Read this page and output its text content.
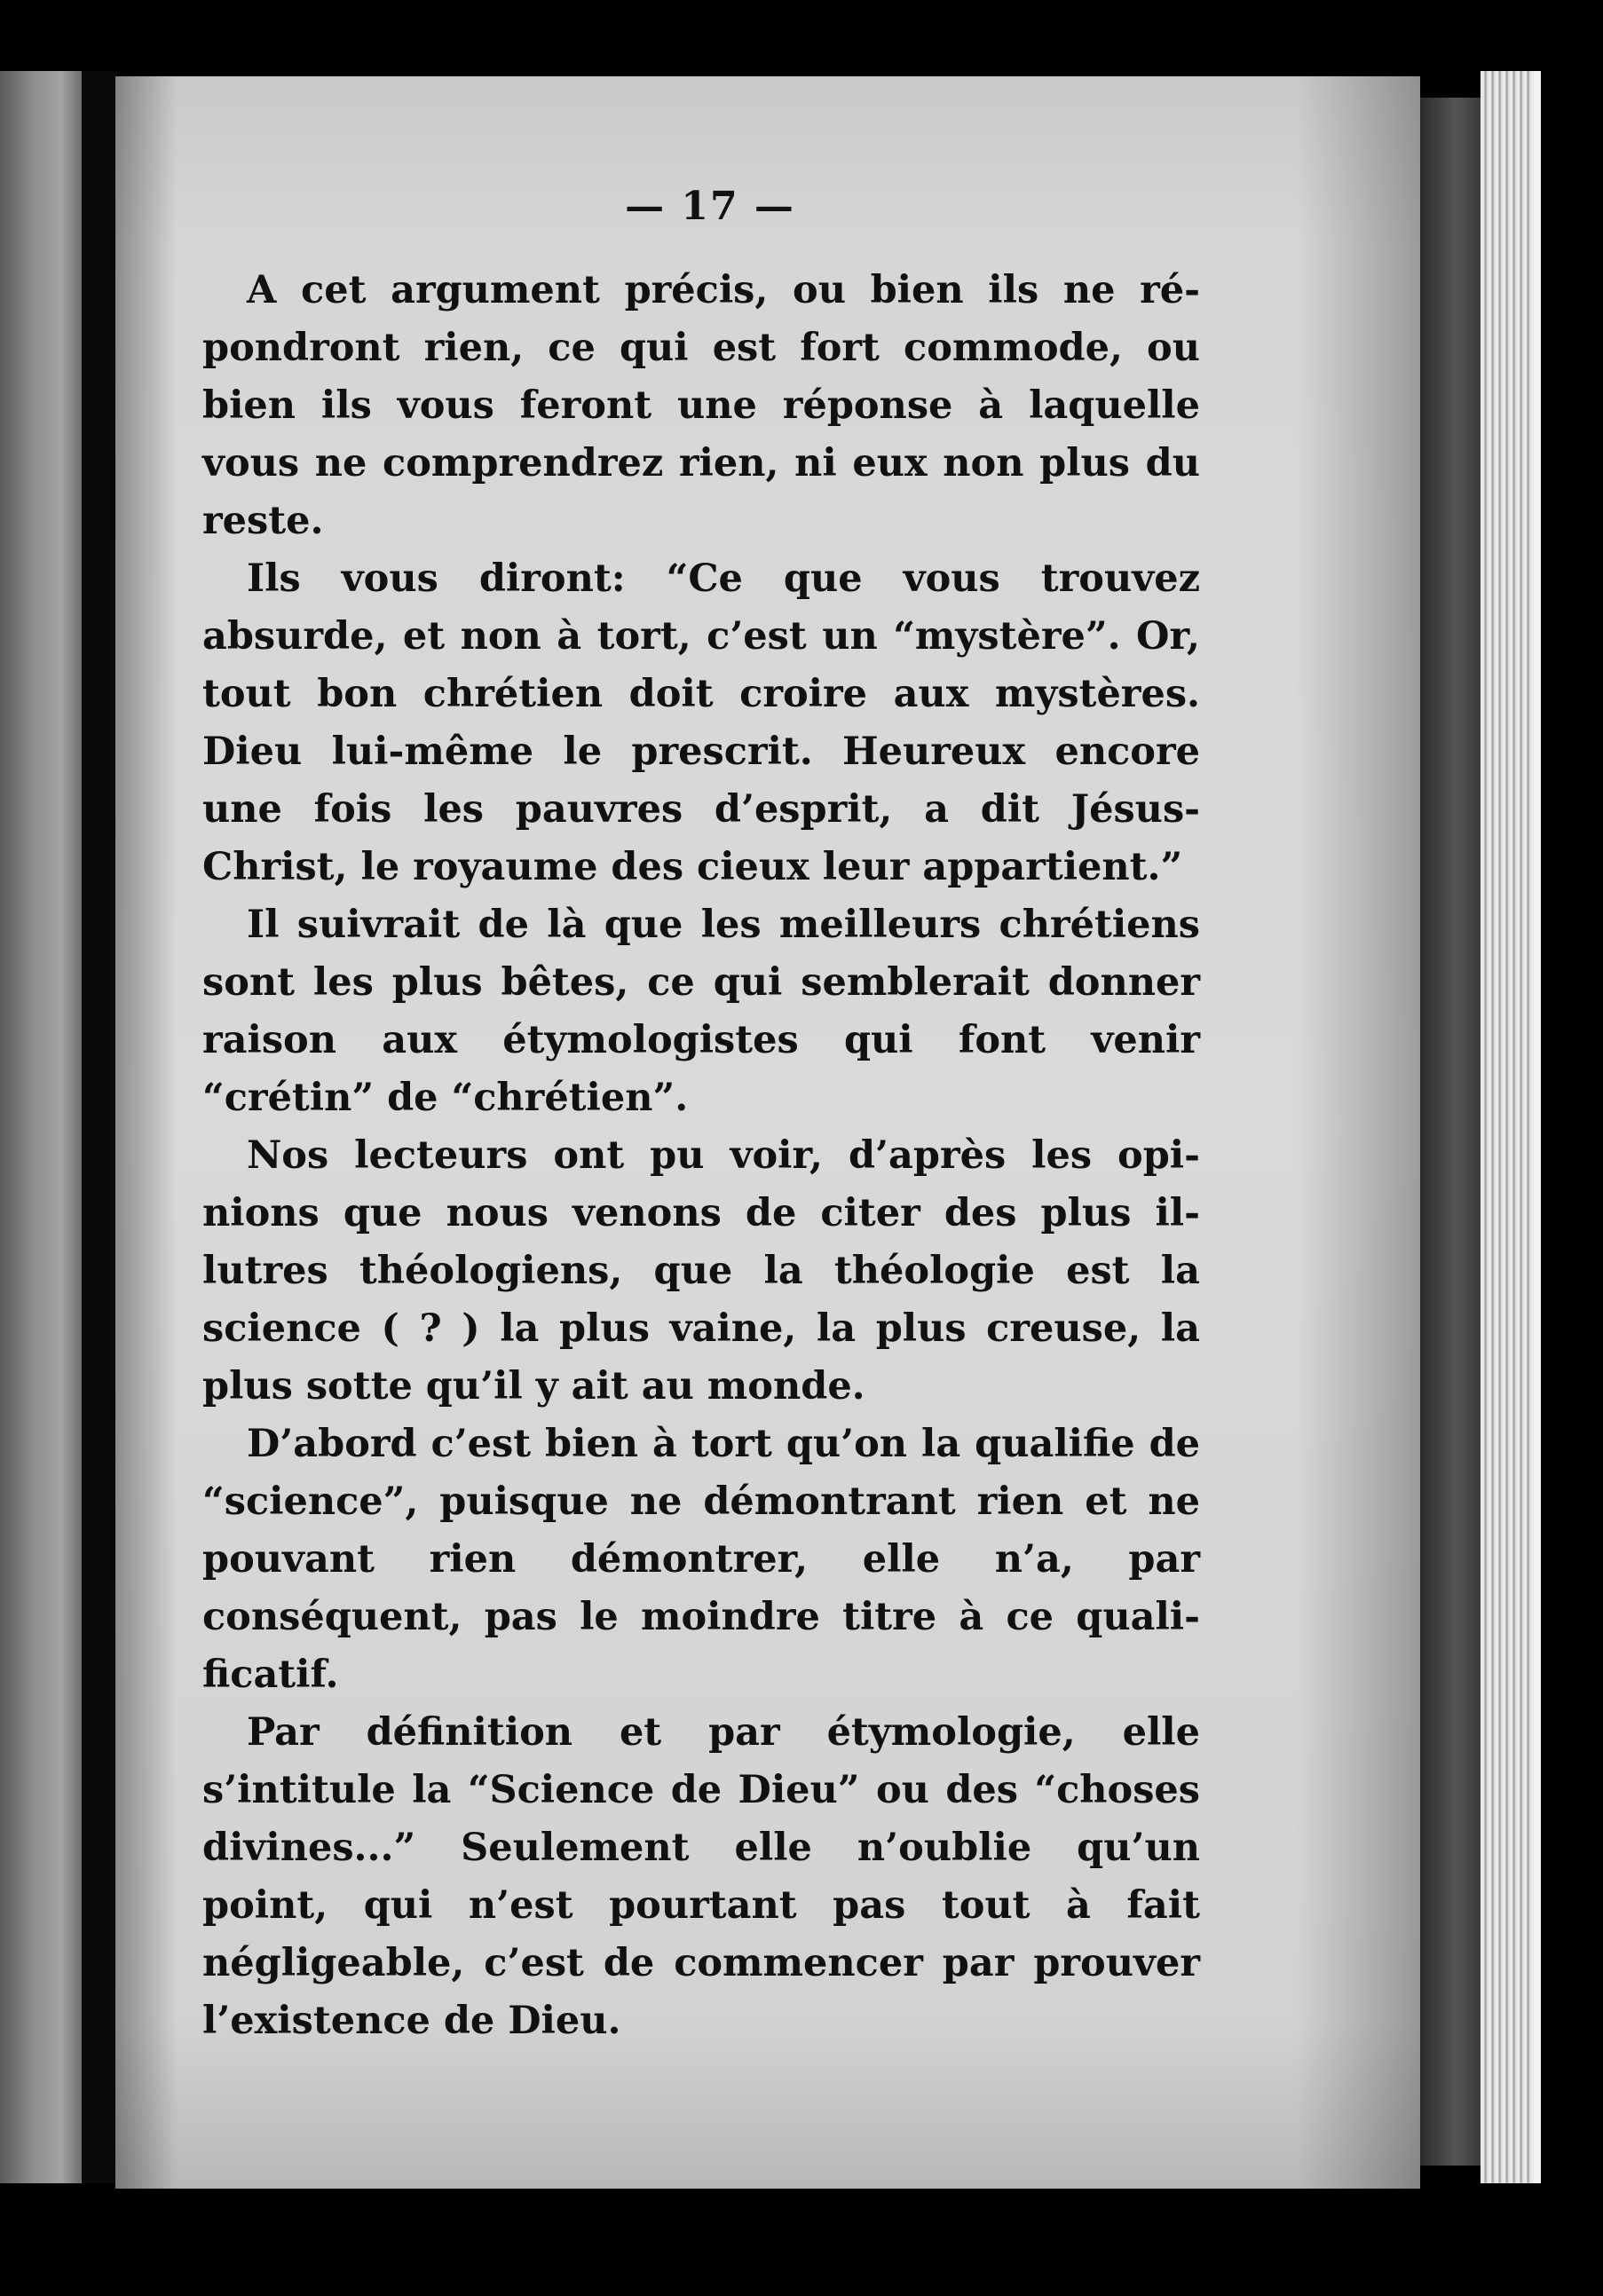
— 17 —

A cet argument précis, ou bien ils ne répondront rien, ce qui est fort commode, ou bien ils vous feront une réponse à laquelle vous ne comprendrez rien, ni eux non plus du reste.

Ils vous diront: “Ce que vous trouvez absurde, et non à tort, c’est un “mystère”. Or, tout bon chrétien doit croire aux mystères. Dieu lui-même le prescrit. Heureux encore une fois les pauvres d’esprit, a dit Jésus-Christ, le royaume des cieux leur appartient.”

Il suivrait de là que les meilleurs chrétiens sont les plus bêtes, ce qui semblerait donner raison aux étymologistes qui font venir “crétin” de “chrétien”.

Nos lecteurs ont pu voir, d’après les opinions que nous venons de citer des plus illutres théologiens, que la théologie est la science ( ? ) la plus vaine, la plus creuse, la plus sotte qu’il y ait au monde.

D’abord c’est bien à tort qu’on la qualifie de “science”, puisque ne démontrant rien et ne pouvant rien démontrer, elle n’a, par conséquent, pas le moindre titre à ce qualificatif.

Par définition et par étymologie, elle s’intitule la “Science de Dieu” ou des “choses divines...” Seulement elle n’oublie qu’un point, qui n’est pourtant pas tout à fait négligeable, c’est de commencer par prouver l’existence de Dieu.
